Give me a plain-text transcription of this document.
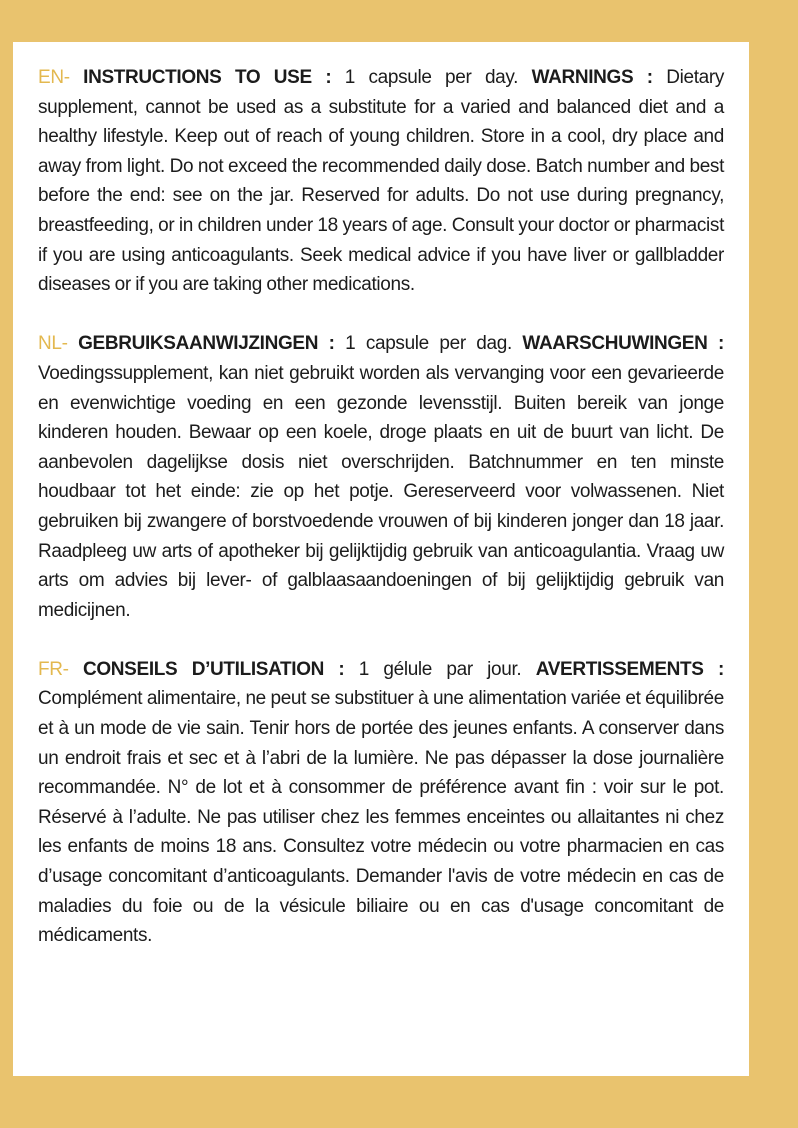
EN- INSTRUCTIONS TO USE : 1 capsule per day. WARNINGS : Dietary supplement, cannot be used as a substitute for a varied and balanced diet and a healthy lifestyle. Keep out of reach of young children. Store in a cool, dry place and away from light. Do not exceed the recommended daily dose. Batch number and best before the end: see on the jar. Reserved for adults. Do not use during pregnancy, breastfeeding, or in children under 18 years of age. Consult your doctor or pharmacist if you are using anticoagulants. Seek medical advice if you have liver or gallbladder diseases or if you are taking other medications.

NL- GEBRUIKSAANWIJZINGEN : 1 capsule per dag. WAARSCHUWINGEN : Voedingssupplement, kan niet gebruikt worden als vervanging voor een gevarieerde en evenwichtige voeding en een gezonde levensstijl. Buiten bereik van jonge kinderen houden. Bewaar op een koele, droge plaats en uit de buurt van licht. De aanbevolen dagelijkse dosis niet overschrijden. Batchnummer en ten minste houdbaar tot het einde: zie op het potje. Gereserveerd voor volwassenen. Niet gebruiken bij zwangere of borstvoedende vrouwen of bij kinderen jonger dan 18 jaar. Raadpleeg uw arts of apotheker bij gelijktijdig gebruik van anticoagulantia. Vraag uw arts om advies bij lever- of galblaasaandoeningen of bij gelijktijdig gebruik van medicijnen.

FR- CONSEILS D’UTILISATION : 1 gélule par jour. AVERTISSEMENTS : Complément alimentaire, ne peut se substituer à une alimentation variée et équilibrée et à un mode de vie sain. Tenir hors de portée des jeunes enfants. A conserver dans un endroit frais et sec et à l’abri de la lumière. Ne pas dépasser la dose journalière recommandée. N° de lot et à consommer de préférence avant fin : voir sur le pot. Réservé à l’adulte. Ne pas utiliser chez les femmes enceintes ou allaitantes ni chez les enfants de moins 18 ans. Consultez votre médecin ou votre pharmacien en cas d’usage concomitant d’anticoagulants. Demander l'avis de votre médecin en cas de maladies du foie ou de la vésicule biliaire ou en cas d'usage concomitant de médicaments.
